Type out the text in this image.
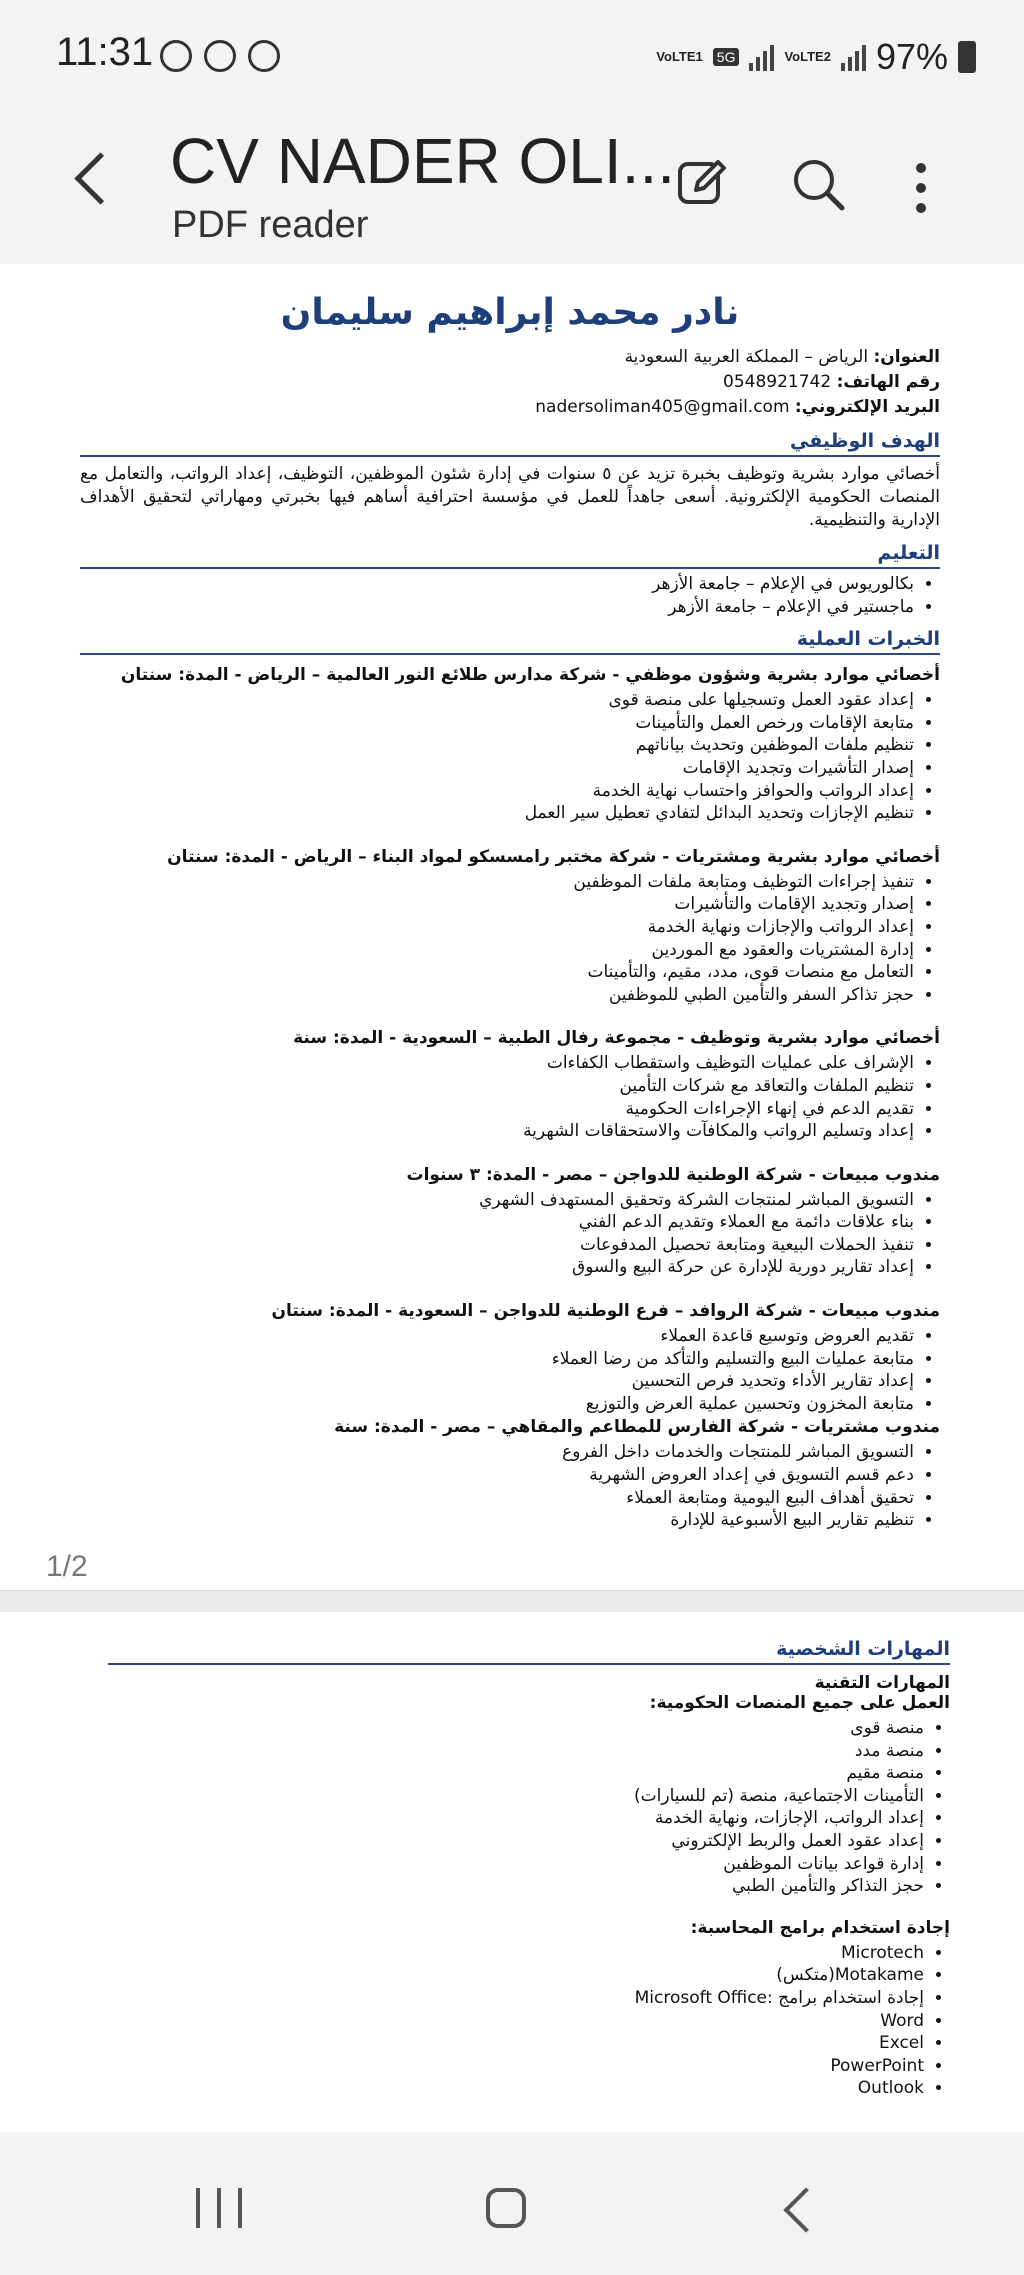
11:31	VoLTE1 5G	VoLTE2 97%
CV NADER OLI...
PDF reader
نادر محمد إبراهيم سليمان
العنوان: الرياض – المملكة العربية السعودية
رقم الهاتف: 0548921742
البريد الإلكتروني: nadersoliman405@gmail.com
الهدف الوظيفي
أخصائي موارد بشرية وتوظيف بخبرة تزيد عن ٥ سنوات في إدارة شئون الموظفين، التوظيف، إعداد الرواتب، والتعامل مع المنصات الحكومية الإلكترونية. أسعى جاهداً للعمل في مؤسسة احترافية أساهم فيها بخبرتي ومهاراتي لتحقيق الأهداف الإدارية والتنظيمية.
التعليم
• بكالوريوس في الإعلام – جامعة الأزهر
• ماجستير في الإعلام – جامعة الأزهر
الخبرات العملية
أخصائي موارد بشرية وشؤون موظفي - شركة مدارس طلائع النور العالمية – الرياض - المدة: سنتان
• إعداد عقود العمل وتسجيلها على منصة قوى
• متابعة الإقامات ورخص العمل والتأمينات
• تنظيم ملفات الموظفين وتحديث بياناتهم
• إصدار التأشيرات وتجديد الإقامات
• إعداد الرواتب والحوافز واحتساب نهاية الخدمة
• تنظيم الإجازات وتحديد البدائل لتفادي تعطيل سير العمل
أخصائي موارد بشرية ومشتريات - شركة مختبر رامسسكو لمواد البناء – الرياض - المدة: سنتان
• تنفيذ إجراءات التوظيف ومتابعة ملفات الموظفين
• إصدار وتجديد الإقامات والتأشيرات
• إعداد الرواتب والإجازات ونهاية الخدمة
• إدارة المشتريات والعقود مع الموردين
• التعامل مع منصات قوى، مدد، مقيم، والتأمينات
• حجز تذاكر السفر والتأمين الطبي للموظفين
أخصائي موارد بشرية وتوظيف - مجموعة رفال الطبية – السعودية - المدة: سنة
• الإشراف على عمليات التوظيف واستقطاب الكفاءات
• تنظيم الملفات والتعاقد مع شركات التأمين
• تقديم الدعم في إنهاء الإجراءات الحكومية
• إعداد وتسليم الرواتب والمكافآت والاستحقاقات الشهرية
مندوب مبيعات - شركة الوطنية للدواجن – مصر - المدة: ٣ سنوات
• التسويق المباشر لمنتجات الشركة وتحقيق المستهدف الشهري
• بناء علاقات دائمة مع العملاء وتقديم الدعم الفني
• تنفيذ الحملات البيعية ومتابعة تحصيل المدفوعات
• إعداد تقارير دورية للإدارة عن حركة البيع والسوق
مندوب مبيعات - شركة الروافد – فرع الوطنية للدواجن – السعودية - المدة: سنتان
• تقديم العروض وتوسيع قاعدة العملاء
• متابعة عمليات البيع والتسليم والتأكد من رضا العملاء
• إعداد تقارير الأداء وتحديد فرص التحسين
• متابعة المخزون وتحسين عملية العرض والتوزيع
مندوب مشتريات - شركة الفارس للمطاعم والمقاهي – مصر - المدة: سنة
• التسويق المباشر للمنتجات والخدمات داخل الفروع
• دعم قسم التسويق في إعداد العروض الشهرية
• تحقيق أهداف البيع اليومية ومتابعة العملاء
• تنظيم تقارير البيع الأسبوعية للإدارة
1/2
المهارات الشخصية
المهارات التقنية
العمل على جميع المنصات الحكومية:
• منصة قوى
• منصة مدد
• منصة مقيم
• التأمينات الاجتماعية، منصة (تم للسيارات)
• إعداد الرواتب، الإجازات، ونهاية الخدمة
• إعداد عقود العمل والربط الإلكتروني
• إدارة قواعد بيانات الموظفين
• حجز التذاكر والتأمين الطبي
إجادة استخدام برامج المحاسبة:
• Microtech
• Motakame(متكس)
• إجادة استخدام برامج :Microsoft Office
• Word
• Excel
• PowerPoint
• Outlook
